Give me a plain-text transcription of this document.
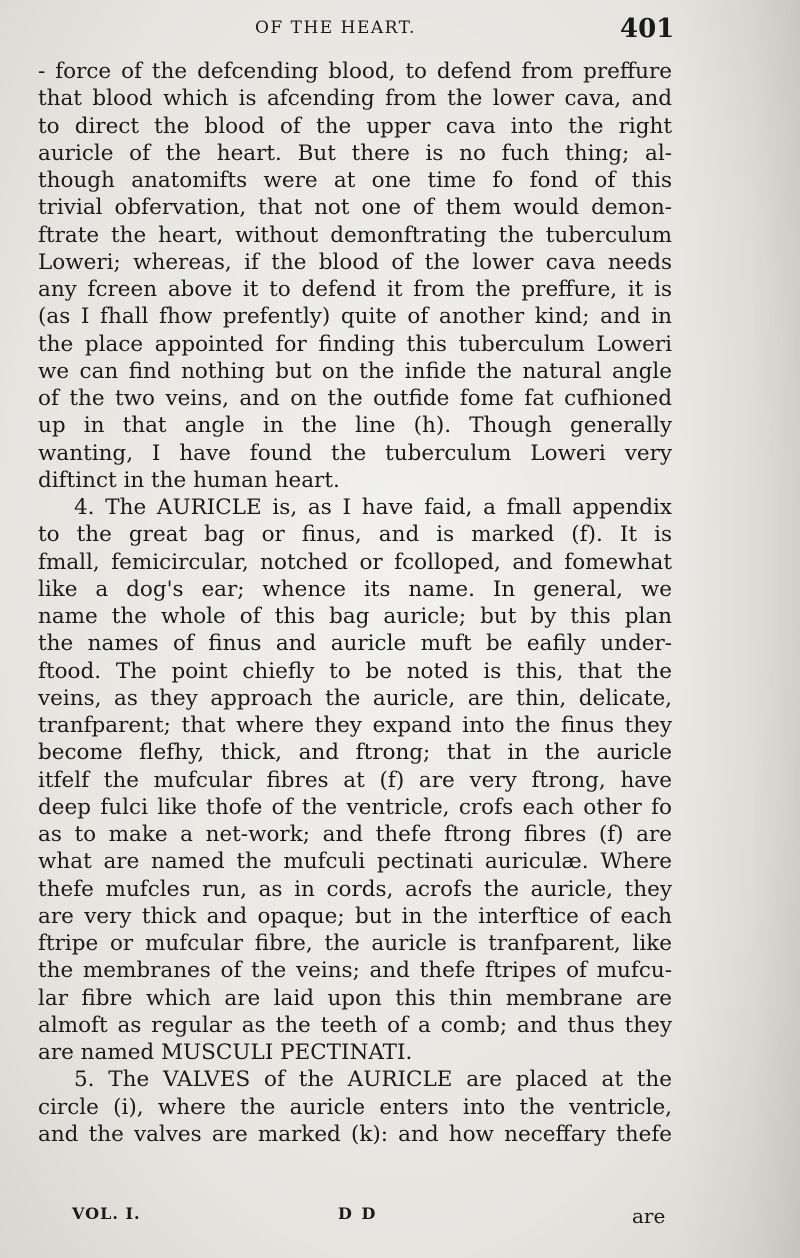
OF THE HEART.	401
- force of the defcending blood, to defend from preffure
that blood which is afcending from the lower cava, and
to direct the blood of the upper cava into the right
auricle of the heart. But there is no fuch thing; al-
though anatomifts were at one time fo fond of this
trivial obfervation, that not one of them would demon-
ftrate the heart, without demonftrating the tuberculum
Loweri; whereas, if the blood of the lower cava needs
any fcreen above it to defend it from the preffure, it is
(as I fhall fhow prefently) quite of another kind; and in
the place appointed for finding this tuberculum Loweri
we can find nothing but on the infide the natural angle
of the two veins, and on the outfide fome fat cufhioned
up in that angle in the line (h). Though generally
wanting, I have found the tuberculum Loweri very
diftinct in the human heart.
4. The AURICLE is, as I have faid, a fmall appendix
to the great bag or finus, and is marked (f). It is
fmall, femicircular, notched or fcolloped, and fomewhat
like a dog's ear; whence its name. In general, we
name the whole of this bag auricle; but by this plan
the names of finus and auricle muft be eafily under-
ftood. The point chiefly to be noted is this, that the
veins, as they approach the auricle, are thin, delicate,
tranfparent; that where they expand into the finus they
become flefhy, thick, and ftrong; that in the auricle
itfelf the mufcular fibres at (f) are very ftrong, have
deep fulci like thofe of the ventricle, crofs each other fo
as to make a net-work; and thefe ftrong fibres (f) are
what are named the mufculi pectinati auriculæ. Where
thefe mufcles run, as in cords, acrofs the auricle, they
are very thick and opaque; but in the interftice of each
ftripe or mufcular fibre, the auricle is tranfparent, like
the membranes of the veins; and thefe ftripes of mufcu-
lar fibre which are laid upon this thin membrane are
almoft as regular as the teeth of a comb; and thus they
are named MUSCULI PECTINATI.
5. The VALVES of the AURICLE are placed at the
circle (i), where the auricle enters into the ventricle,
and the valves are marked (k): and how neceffary thefe
VOL. I.	D D	are
